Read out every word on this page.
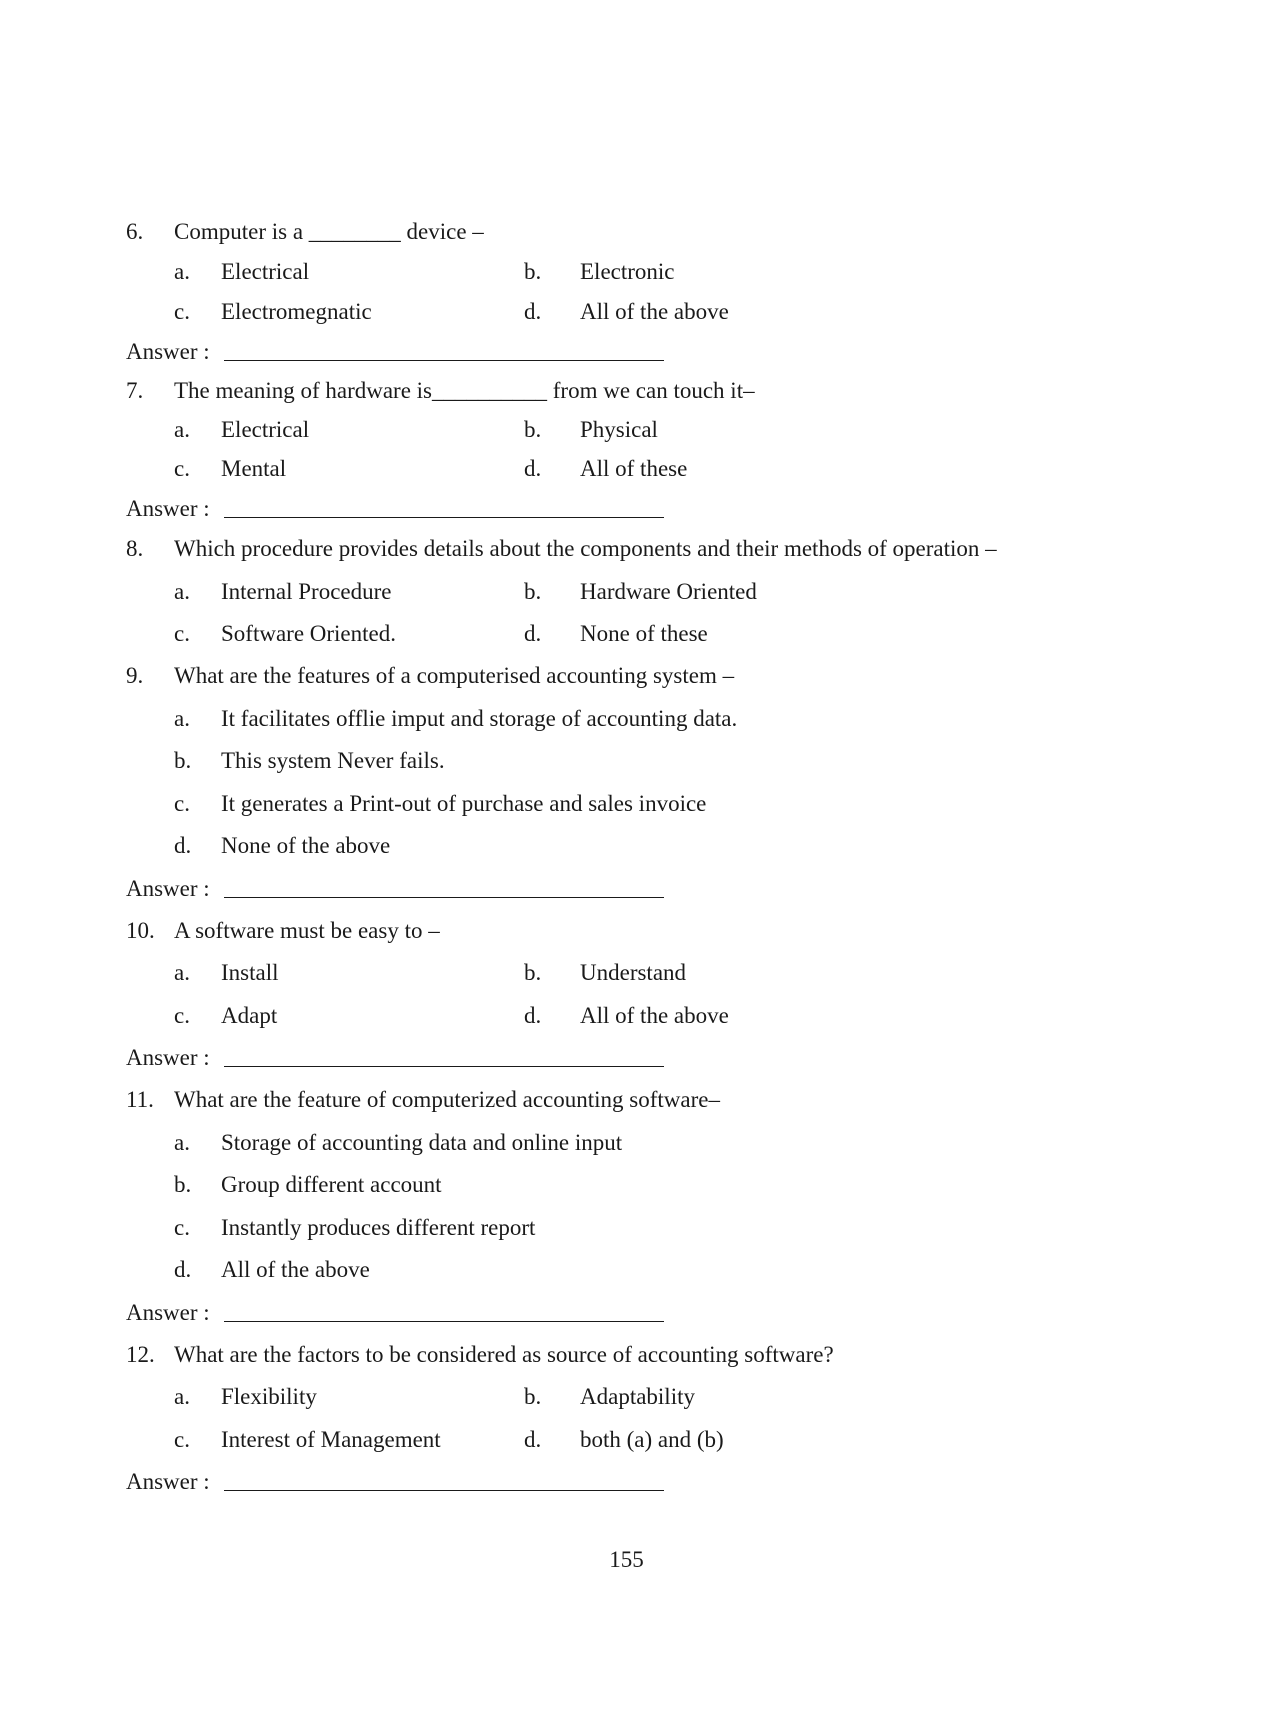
6. Computer is a ________ device –
a. Electrical	b. Electronic
c. Electromegnatic	d. All of the above
Answer :
7. The meaning of hardware is__________ from we can touch it–
a. Electrical	b. Physical
c. Mental	d. All of these
Answer :
8. Which procedure provides details about the components and their methods of operation –
a. Internal Procedure	b. Hardware Oriented
c. Software Oriented.	d. None of these
9. What are the features of a computerised accounting system –
a. It facilitates offlie imput and storage of accounting data.
b. This system Never fails.
c. It generates a Print-out of purchase and sales invoice
d. None of the above
Answer :
10. A software must be easy to –
a. Install	b. Understand
c. Adapt	d. All of the above
Answer :
11. What are the feature of computerized accounting software–
a. Storage of accounting data and online input
b. Group different account
c. Instantly produces different report
d. All of the above
Answer :
12. What are the factors to be considered as source of accounting software?
a. Flexibility	b. Adaptability
c. Interest of Management	d. both (a) and (b)
Answer :
155
